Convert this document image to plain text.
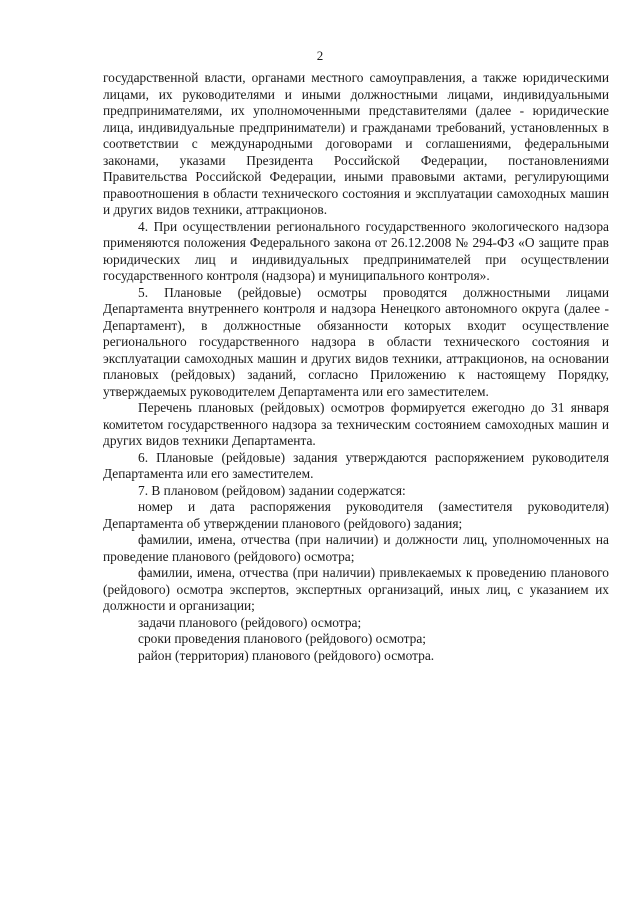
2

государственной власти, органами местного самоуправления, а также юридическими лицами, их руководителями и иными должностными лицами, индивидуальными предпринимателями, их уполномоченными представителями (далее - юридические лица, индивидуальные предприниматели) и гражданами требований, установленных в соответствии с международными договорами и соглашениями, федеральными законами, указами Президента Российской Федерации, постановлениями Правительства Российской Федерации, иными правовыми актами, регулирующими правоотношения в области технического состояния и эксплуатации самоходных машин и других видов техники, аттракционов.

4. При осуществлении регионального государственного экологического надзора применяются положения Федерального закона от 26.12.2008 № 294-ФЗ «О защите прав юридических лиц и индивидуальных предпринимателей при осуществлении государственного контроля (надзора) и муниципального контроля».

5. Плановые (рейдовые) осмотры проводятся должностными лицами Департамента внутреннего контроля и надзора Ненецкого автономного округа (далее - Департамент), в должностные обязанности которых входит осуществление регионального государственного надзора в области технического состояния и эксплуатации самоходных машин и других видов техники, аттракционов, на основании плановых (рейдовых) заданий, согласно Приложению к настоящему Порядку, утверждаемых руководителем Департамента или его заместителем.

Перечень плановых (рейдовых) осмотров формируется ежегодно до 31 января комитетом государственного надзора за техническим состоянием самоходных машин и других видов техники Департамента.

6. Плановые (рейдовые) задания утверждаются распоряжением руководителя Департамента или его заместителем.

7. В плановом (рейдовом) задании содержатся:

номер и дата распоряжения руководителя (заместителя руководителя) Департамента об утверждении планового (рейдового) задания;

фамилии, имена, отчества (при наличии) и должности лиц, уполномоченных на проведение планового (рейдового) осмотра;

фамилии, имена, отчества (при наличии) привлекаемых к проведению планового (рейдового) осмотра экспертов, экспертных организаций, иных лиц, с указанием их должности и организации;

задачи планового (рейдового) осмотра;

сроки проведения планового (рейдового) осмотра;

район (территория) планового (рейдового) осмотра.
